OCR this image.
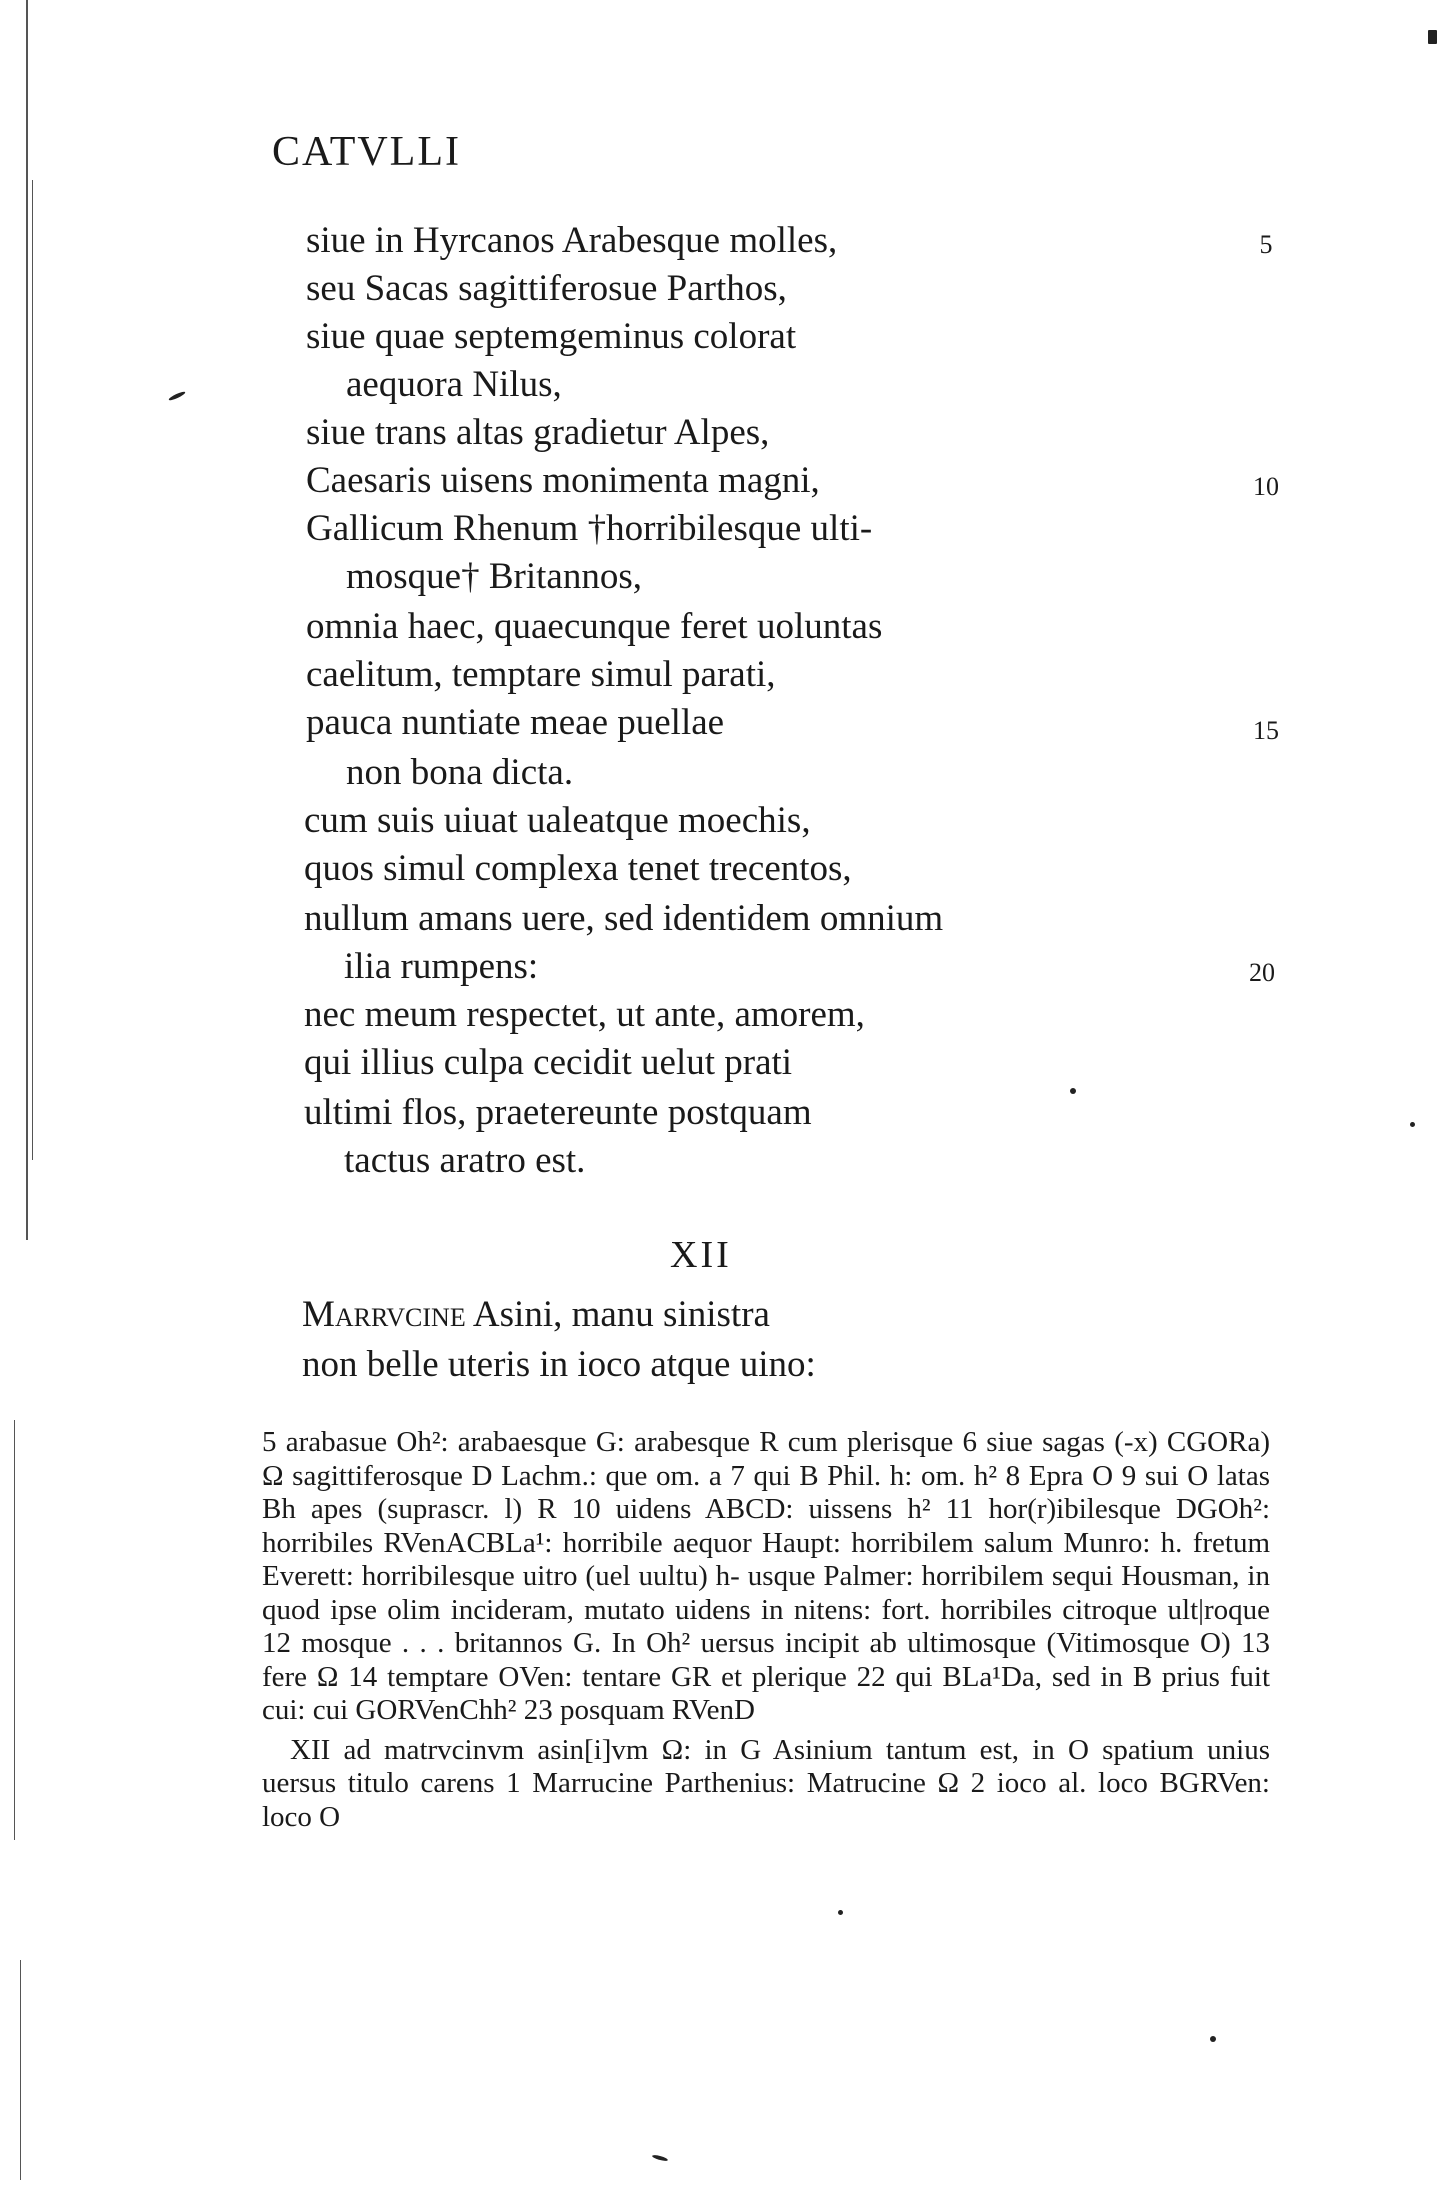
CATVLLI
siue in Hyrcanos Arabesque molles,	5
seu Sacas sagittiferosue Parthos,
siue quae septemgeminus colorat
aequora Nilus,
siue trans altas gradietur Alpes,
Caesaris uisens monimenta magni,	10
Gallicum Rhenum †horribilesque ulti-
mosque† Britannos,
omnia haec, quaecunque feret uoluntas
caelitum, temptare simul parati,
pauca nuntiate meae puellae	15
non bona dicta.
cum suis uiuat ualeatque moechis,
quos simul complexa tenet trecentos,
nullum amans uere, sed identidem omnium
ilia rumpens:	20
nec meum respectet, ut ante, amorem,
qui illius culpa cecidit uelut prati
ultimi flos, praetereunte postquam
tactus aratro est.
XII
Marrvcine Asini, manu sinistra
non belle uteris in ioco atque uino:

5 arabasue Oh²: arabaesque G: arabesque R cum plerisque 6 siue sagas (-x) CGORa) Ω sagittiferosque D Lachm.: que om. a 7 qui B Phil. h: om. h² 8 Epra O 9 sui O latas Bh apes (suprascr. l) R 10 uidens ABCD: uissens h² 11 hor(r)ibilesque DGOh²: horribiles RVenACBLa¹: horribile aequor Haupt: horribilem salum Munro: h. fretum Everett: horribilesque uitro (uel uultu) h- usque Palmer: horribilem sequi Housman, in quod ipse olim incideram, mutato uidens in nitens: fort. horribiles citroque ult|roque 12 mosque . . . britannos G. In Oh² uersus incipit ab ultimosque (Vitimosque O) 13 fere Ω 14 temptare OVen: tentare GR et plerique 22 qui BLa¹Da, sed in B prius fuit cui: cui GORVenChh² 23 posquam RVenD

XII ad matrvcinvm asin[i]vm Ω: in G Asinium tantum est, in O spatium unius uersus titulo carens 1 Marrucine Parthenius: Matrucine Ω 2 ioco al. loco BGRVen: loco O
